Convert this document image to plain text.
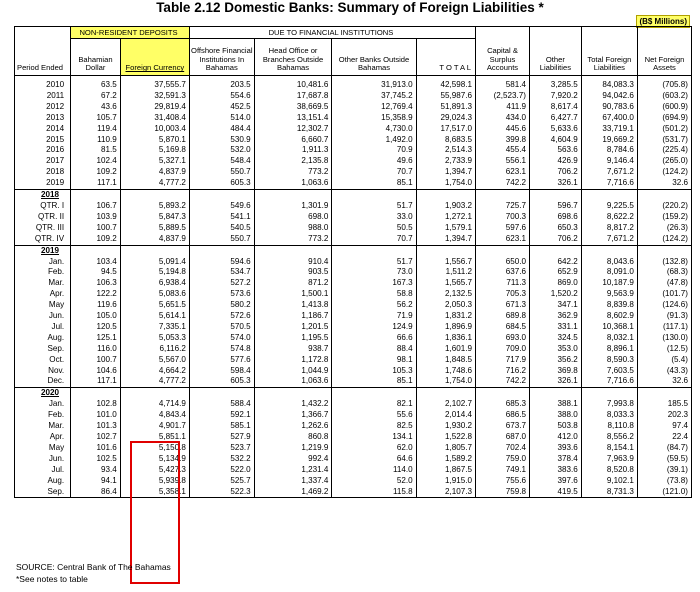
Table 2.12 Domestic Banks: Summary of Foreign Liabilities *
(B$ Millions)
	NON-RESIDENT DEPOSITS		DUE TO FINANCIAL INSTITUTIONS							
Period Ended	Bahamian Dollar	Foreign Currency	Offshore Financial Institutions In Bahamas	Head Office or Branches Outside Bahamas	Other Banks Outside Bahamas	T O T A L	Capital & Surplus Accounts	Other Liabilities	Total Foreign Liabilities	Net Foreign Assets

2010	63.5	37,555.7	203.5	10,481.6	31,913.0	42,598.1	581.4	3,285.5	84,083.3	(705.8)
2011	67.2	32,591.3	554.6	17,687.8	37,745.2	55,987.6	(2,523.7)	7,920.2	94,042.6	(603.2)
2012	43.6	29,819.4	452.5	38,669.5	12,769.4	51,891.3	411.9	8,617.4	90,783.6	(600.9)
2013	105.7	31,408.4	514.0	13,151.4	15,358.9	29,024.3	434.0	6,427.7	67,400.0	(694.9)
2014	119.4	10,003.4	484.4	12,302.7	4,730.0	17,517.0	445.6	5,633.6	33,719.1	(501.2)
2015	110.9	5,870.1	530.9	6,660.7	1,492.0	8,683.5	399.8	4,604.9	19,669.2	(531.7)
2016	81.5	5,169.8	532.0	1,911.3	70.9	2,514.3	455.4	563.6	8,784.6	(225.4)
2017	102.4	5,327.1	548.4	2,135.8	49.6	2,733.9	556.1	426.9	9,146.4	(265.0)
2018	109.2	4,837.9	550.7	773.2	70.7	1,394.7	623.1	706.2	7,671.2	(124.2)
2019	117.1	4,777.2	605.3	1,063.6	85.1	1,754.0	742.2	326.1	7,716.6	32.6
2018										
QTR. I	106.7	5,893.2	549.6	1,301.9	51.7	1,903.2	725.7	596.7	9,225.5	(220.2)
QTR. II	103.9	5,847.3	541.1	698.0	33.0	1,272.1	700.3	698.6	8,622.2	(159.2)
QTR. III	100.7	5,889.5	540.5	988.0	50.5	1,579.1	597.6	650.3	8,817.2	(26.3)
QTR. IV	109.2	4,837.9	550.7	773.2	70.7	1,394.7	623.1	706.2	7,671.2	(124.2)
2019										
Jan.	103.4	5,091.4	594.6	910.4	51.7	1,556.7	650.0	642.2	8,043.6	(132.8)
Feb.	94.5	5,194.8	534.7	903.5	73.0	1,511.2	637.6	652.9	8,091.0	(68.3)
Mar.	106.3	6,938.4	527.2	871.2	167.3	1,565.7	711.3	869.0	10,187.9	(47.8)
Apr.	122.2	5,083.6	573.6	1,500.1	58.8	2,132.5	705.3	1,520.2	9,563.9	(101.7)
May	119.6	5,651.5	580.2	1,413.8	56.2	2,050.3	671.3	347.1	8,839.8	(124.6)
Jun.	105.0	5,614.1	572.6	1,186.7	71.9	1,831.2	689.8	362.9	8,602.9	(91.3)
Jul.	120.5	7,335.1	570.5	1,201.5	124.9	1,896.9	684.5	331.1	10,368.1	(117.1)
Aug.	125.1	5,053.3	574.0	1,195.5	66.6	1,836.1	693.0	324.5	8,032.1	(130.0)
Sep.	116.0	6,116.2	574.8	938.7	88.4	1,601.9	709.0	353.0	8,896.1	(12.5)
Oct.	100.7	5,567.0	577.6	1,172.8	98.1	1,848.5	717.9	356.2	8,590.3	(5.4)
Nov.	104.6	4,664.2	598.4	1,044.9	105.3	1,748.6	716.2	369.8	7,603.5	(43.3)
Dec.	117.1	4,777.2	605.3	1,063.6	85.1	1,754.0	742.2	326.1	7,716.6	32.6
2020										
Jan.	102.8	4,714.9	588.4	1,432.2	82.1	2,102.7	685.3	388.1	7,993.8	185.5
Feb.	101.0	4,843.4	592.1	1,366.7	55.6	2,014.4	686.5	388.0	8,033.3	202.3
Mar.	101.3	4,901.7	585.1	1,262.6	82.5	1,930.2	673.7	503.8	8,110.8	97.4
Apr.	102.7	5,851.1	527.9	860.8	134.1	1,522.8	687.0	412.0	8,556.2	22.4
May	101.6	5,150.8	523.7	1,219.9	62.0	1,805.7	702.4	393.6	8,154.1	(84.7)
Jun.	102.5	5,134.9	532.2	992.4	64.6	1,589.2	759.0	378.4	7,963.9	(59.5)
Jul.	93.4	5,427.3	522.0	1,231.4	114.0	1,867.5	749.1	383.6	8,520.8	(39.1)
Aug.	94.1	5,939.8	525.7	1,337.4	52.0	1,915.0	755.6	397.6	9,102.1	(73.8)
Sep.	86.4	5,358.1	522.3	1,469.2	115.8	2,107.3	759.8	419.5	8,731.3	(121.0)
SOURCE: Central Bank of The Bahamas
*See notes to table
